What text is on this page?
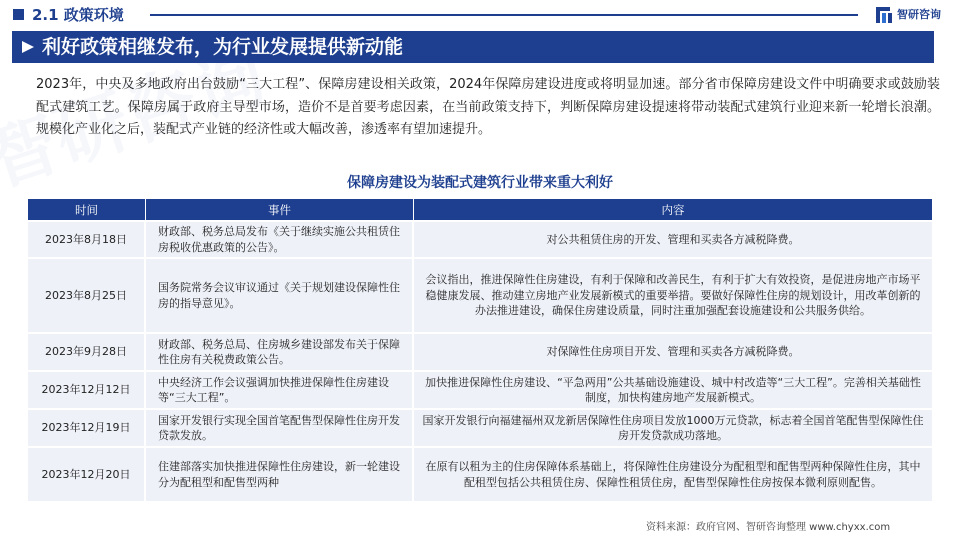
2.1 政策环境	智研咨询
利好政策相继发布，为行业发展提供新动能

2023年，中央及多地政府出台鼓励“三大工程”、保障房建设相关政策，2024年保障房建设进度或将明显加速。部分省市保障房建设文件中明确要求或鼓励装配式建筑工艺。保障房属于政府主导型市场，造价不是首要考虑因素，在当前政策支持下，判断保障房建设提速将带动装配式建筑行业迎来新一轮增长浪潮。规模化产业化之后，装配式产业链的经济性或大幅改善，渗透率有望加速提升。

保障房建设为装配式建筑行业带来重大利好
时间	事件	内容
2023年8月18日	财政部、税务总局发布《关于继续实施公共租赁住房税收优惠政策的公告》。	对公共租赁住房的开发、管理和买卖各方减税降费。
2023年8月25日	国务院常务会议审议通过《关于规划建设保障性住房的指导意见》。	会议指出，推进保障性住房建设，有利于保障和改善民生，有利于扩大有效投资，是促进房地产市场平稳健康发展、推动建立房地产业发展新模式的重要举措。要做好保障性住房的规划设计，用改革创新的办法推进建设，确保住房建设质量，同时注重加强配套设施建设和公共服务供给。
2023年9月28日	财政部、税务总局、住房城乡建设部发布关于保障性住房有关税费政策公告。	对保障性住房项目开发、管理和买卖各方减税降费。
2023年12月12日	中央经济工作会议强调加快推进保障性住房建设等“三大工程”。	加快推进保障性住房建设、“平急两用”公共基础设施建设、城中村改造等“三大工程”。完善相关基础性制度，加快构建房地产发展新模式。
2023年12月19日	国家开发银行实现全国首笔配售型保障性住房开发贷款发放。	国家开发银行向福建福州双龙新居保障性住房项目发放1000万元贷款，标志着全国首笔配售型保障性住房开发贷款成功落地。
2023年12月20日	住建部落实加快推进保障性住房建设，新一轮建设分为配租型和配售型两种	在原有以租为主的住房保障体系基础上，将保障性住房建设分为配租型和配售型两种保障性住房，其中配租型包括公共租赁住房、保障性租赁住房，配售型保障性住房按保本微利原则配售。
资料来源：政府官网、智研咨询整理 www.chyxx.com
